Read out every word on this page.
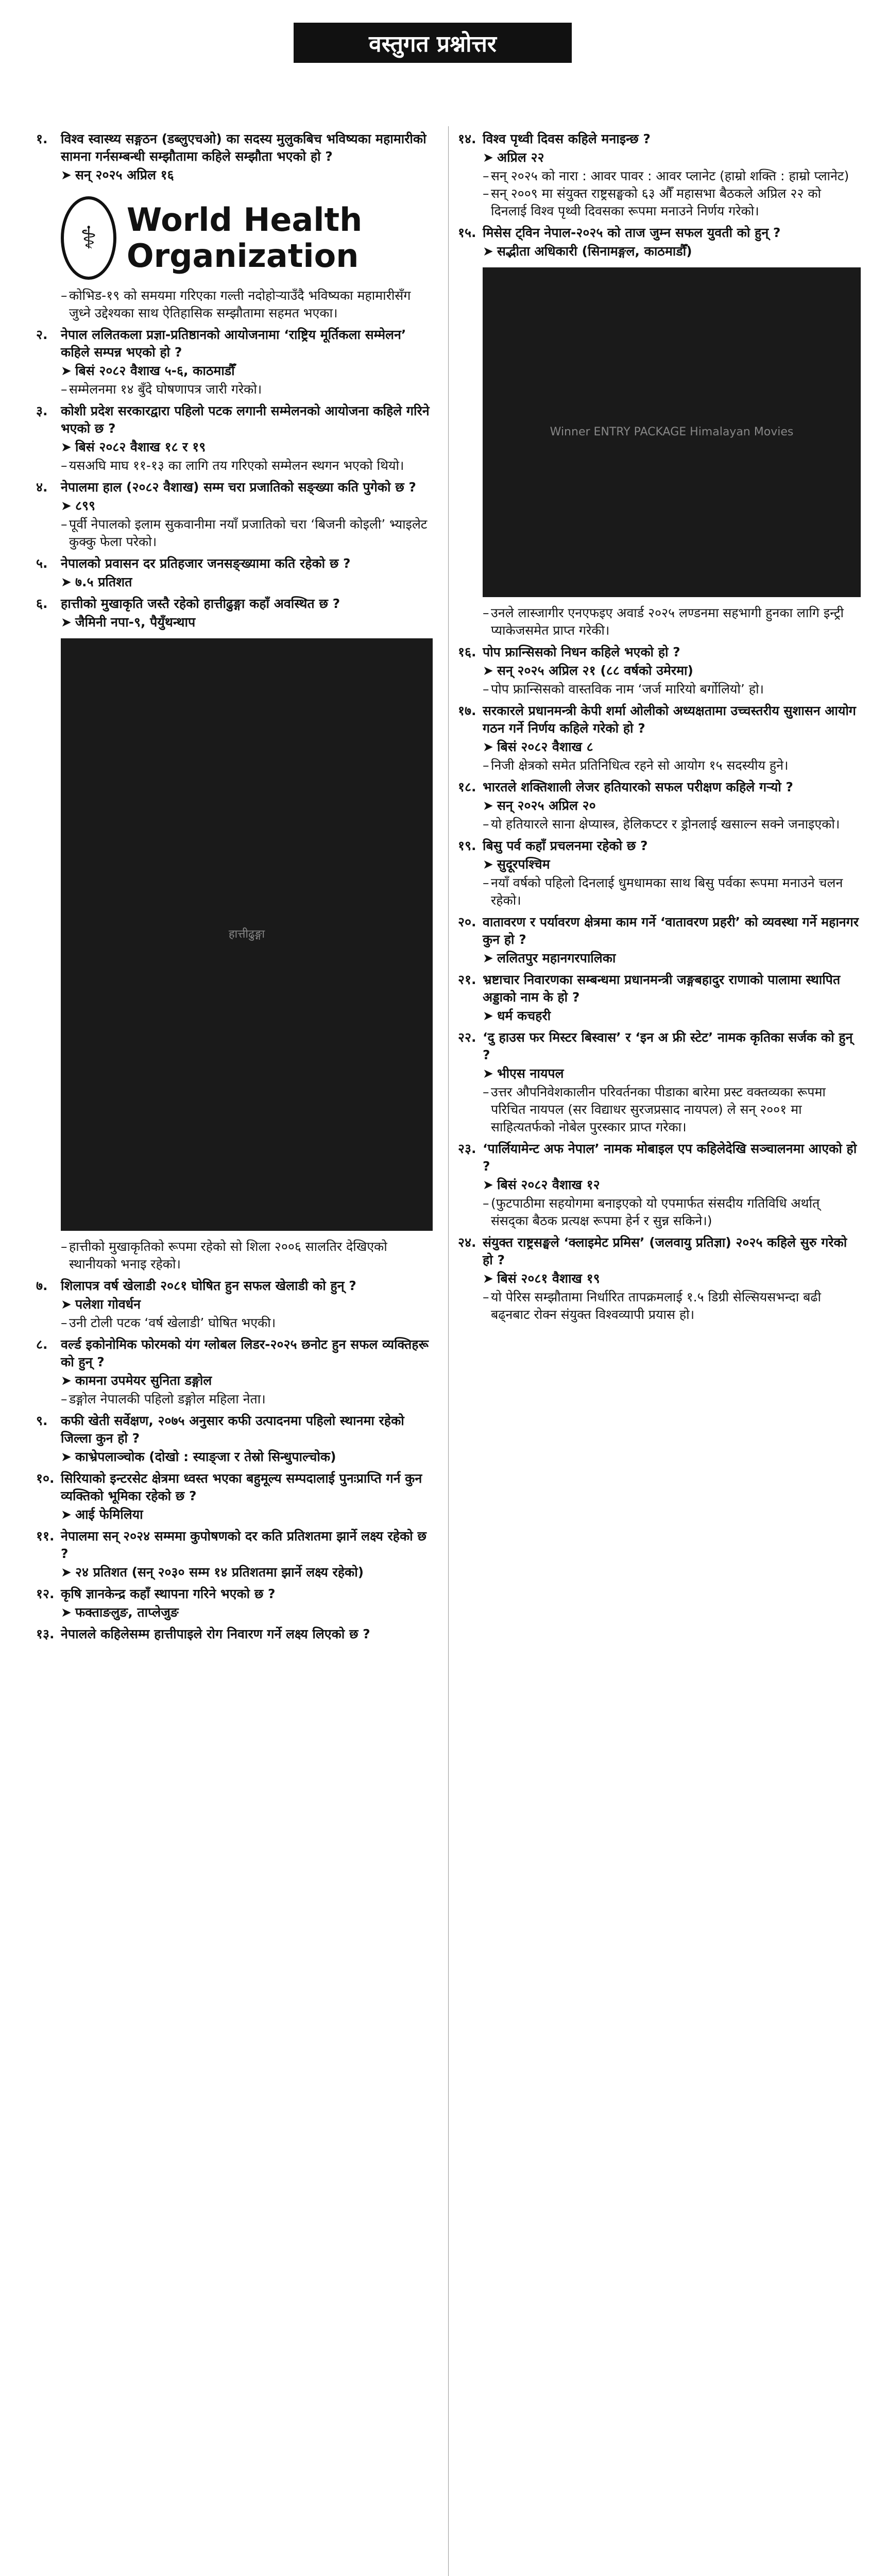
वस्तुगत प्रश्नोत्तर
१.	विश्व स्वास्थ्य सङ्गठन (डब्लुएचओ) का सदस्य मुलुकबिच भविष्यका महामारीको सामना गर्नसम्बन्धी सम्झौतामा कहिले सम्झौता भएको हो ?
➤ सन् २०२५ अप्रिल १६
⚕ World Health Organization
– कोभिड-१९ को समयमा गरिएका गल्ती नदोहोऱ्याउँदै भविष्यका महामारीसँग जुध्ने उद्देश्यका साथ ऐतिहासिक सम्झौतामा सहमत भएका।
२.	नेपाल ललितकला प्रज्ञा-प्रतिष्ठानको आयोजनामा ‘राष्ट्रिय मूर्तिकला सम्मेलन’ कहिले सम्पन्न भएको हो ?
➤ बिसं २०८२ वैशाख ५-६, काठमाडौँ
– सम्मेलनमा १४ बुँदे घोषणापत्र जारी गरेको।
३.	कोशी प्रदेश सरकारद्वारा पहिलो पटक लगानी सम्मेलनको आयोजना कहिले गरिने भएको छ ?
➤ बिसं २०८२ वैशाख १८ र १९
– यसअघि माघ ११-१३ का लागि तय गरिएको सम्मेलन स्थगन भएको थियो।
४.	नेपालमा हाल (२०८२ वैशाख) सम्म चरा प्रजातिको सङ्ख्या कति पुगेको छ ?
➤ ८९९
– पूर्वी नेपालको इलाम सुकवानीमा नयाँ प्रजातिको चरा ‘बिजनी कोइली’ भ्याइलेट कुक्कु फेला परेको।
५.	नेपालको प्रवासन दर प्रतिहजार जनसङ्ख्यामा कति रहेको छ ?
➤ ७.५ प्रतिशत
६.	हात्तीको मुखाकृति जस्तै रहेको हात्तीढुङ्गा कहाँ अवस्थित छ ?
➤ जैमिनी नपा-९, पैयुँथन्थाप
हात्तीढुङ्गा
– हात्तीको मुखाकृतिको रूपमा रहेको सो शिला २००६ सालतिर देखिएको स्थानीयको भनाइ रहेको।
७.	शिलापत्र वर्ष खेलाडी २०८१ घोषित हुन सफल खेलाडी को हुन् ?
➤ पलेशा गोवर्धन
– उनी टोली पटक ‘वर्ष खेलाडी’ घोषित भएकी।
८.	वर्ल्ड इकोनोमिक फोरमको यंग ग्लोबल लिडर-२०२५ छनोट हुन सफल व्यक्तिहरू को हुन् ?
➤ कामना उपमेयर सुनिता डङ्गोल
– डङ्गोल नेपालकी पहिलो डङ्गोल महिला नेता।
९.	कफी खेती सर्वेक्षण, २०७५ अनुसार कफी उत्पादनमा पहिलो स्थानमा रहेको जिल्ला कुन हो ?
➤ काभ्रेपलाञ्चोक (दोखो : स्याङ्जा र तेस्रो सिन्धुपाल्चोक)
१०. सिरियाको इन्टरसेट क्षेत्रमा ध्वस्त भएका बहुमूल्य सम्पदालाई पुनःप्राप्ति गर्न कुन व्यक्तिको भूमिका रहेको छ ?
➤ आई फेमिलिया
११. नेपालमा सन् २०२४ सम्ममा कुपोषणको दर कति प्रतिशतमा झार्ने लक्ष्य रहेको छ ?
➤ २४ प्रतिशत (सन् २०३० सम्म १४ प्रतिशतमा झार्ने लक्ष्य रहेको)
१२. कृषि ज्ञानकेन्द्र कहाँ स्थापना गरिने भएको छ ?
➤ फक्ताङलुङ, ताप्लेजुङ
१३. नेपालले कहिलेसम्म हात्तीपाइले रोग निवारण गर्ने लक्ष्य लिएको छ ?
१४. विश्व पृथ्वी दिवस कहिले मनाइन्छ ?
➤ अप्रिल २२
– सन् २०२५ को नारा : आवर पावर : आवर प्लानेट (हाम्रो शक्ति : हाम्रो प्लानेट)
– सन् २००९ मा संयुक्त राष्ट्रसङ्घको ६३ औँ महासभा बैठकले अप्रिल २२ को दिनलाई विश्व पृथ्वी दिवसका रूपमा मनाउने निर्णय गरेको।
१५. मिसेस ट्विन नेपाल-२०२५ को ताज जुम्न सफल युवती को हुन् ?
➤ सद्भीता अधिकारी (सिनामङ्गल, काठमाडौँ)
Winner ENTRY PACKAGE Himalayan Movies
– उनले लास्जागीर एनएफइए अवार्ड २०२५ लण्डनमा सहभागी हुनका लागि इन्ट्री प्याकेजसमेत प्राप्त गरेकी।
१६. पोप फ्रान्सिसको निधन कहिले भएको हो ?
➤ सन् २०२५ अप्रिल २१ (८८ वर्षको उमेरमा)
– पोप फ्रान्सिसको वास्तविक नाम ‘जर्ज मारियो बर्गोलियो’ हो।
१७. सरकारले प्रधानमन्त्री केपी शर्मा ओलीको अध्यक्षतामा उच्चस्तरीय सुशासन आयोग गठन गर्ने निर्णय कहिले गरेको हो ?
➤ बिसं २०८२ वैशाख ८
– निजी क्षेत्रको समेत प्रतिनिधित्व रहने सो आयोग १५ सदस्यीय हुने।
१८. भारतले शक्तिशाली लेजर हतियारको सफल परीक्षण कहिले गऱ्यो ?
➤ सन् २०२५ अप्रिल २०
– यो हतियारले साना क्षेप्यास्त्र, हेलिकप्टर र ड्रोनलाई खसाल्न सक्ने जनाइएको।
१९. बिसु पर्व कहाँ प्रचलनमा रहेको छ ?
➤ सुदूरपश्चिम
– नयाँ वर्षको पहिलो दिनलाई धुमधामका साथ बिसु पर्वका रूपमा मनाउने चलन रहेको।
२०. वातावरण र पर्यावरण क्षेत्रमा काम गर्ने ‘वातावरण प्रहरी’ को व्यवस्था गर्ने महानगर कुन हो ?
➤ ललितपुर महानगरपालिका
२१. भ्रष्टाचार निवारणका सम्बन्धमा प्रधानमन्त्री जङ्गबहादुर राणाको पालामा स्थापित अड्डाको नाम के हो ?
➤ धर्म कचहरी
२२. ‘दु हाउस फर मिस्टर बिस्वास’ र ‘इन अ फ्री स्टेट’ नामक कृतिका सर्जक को हुन् ?
➤ भीएस नायपल
– उत्तर औपनिवेशकालीन परिवर्तनका पीडाका बारेमा प्रस्ट वक्तव्यका रूपमा परिचित नायपल (सर विद्याधर सुरजप्रसाद नायपल) ले सन् २००१ मा साहित्यतर्फको नोबेल पुरस्कार प्राप्त गरेका।
२३. ‘पार्लियामेन्ट अफ नेपाल’ नामक मोबाइल एप कहिलेदेखि सञ्चालनमा आएको हो ?
➤ बिसं २०८२ वैशाख १२
– (फुटपाठीमा सहयोगमा बनाइएको यो एपमार्फत संसदीय गतिविधि अर्थात् संसद्का बैठक प्रत्यक्ष रूपमा हेर्न र सुन्न सकिने।)
२४. संयुक्त राष्ट्रसङ्घले ‘क्लाइमेट प्रमिस’ (जलवायु प्रतिज्ञा) २०२५ कहिले सुरु गरेको हो ?
➤ बिसं २०८१ वैशाख १९
– यो पेरिस सम्झौतामा निर्धारित तापक्रमलाई १.५ डिग्री सेल्सियसभन्दा बढी बढ्नबाट रोक्न संयुक्त विश्वव्यापी प्रयास हो।
